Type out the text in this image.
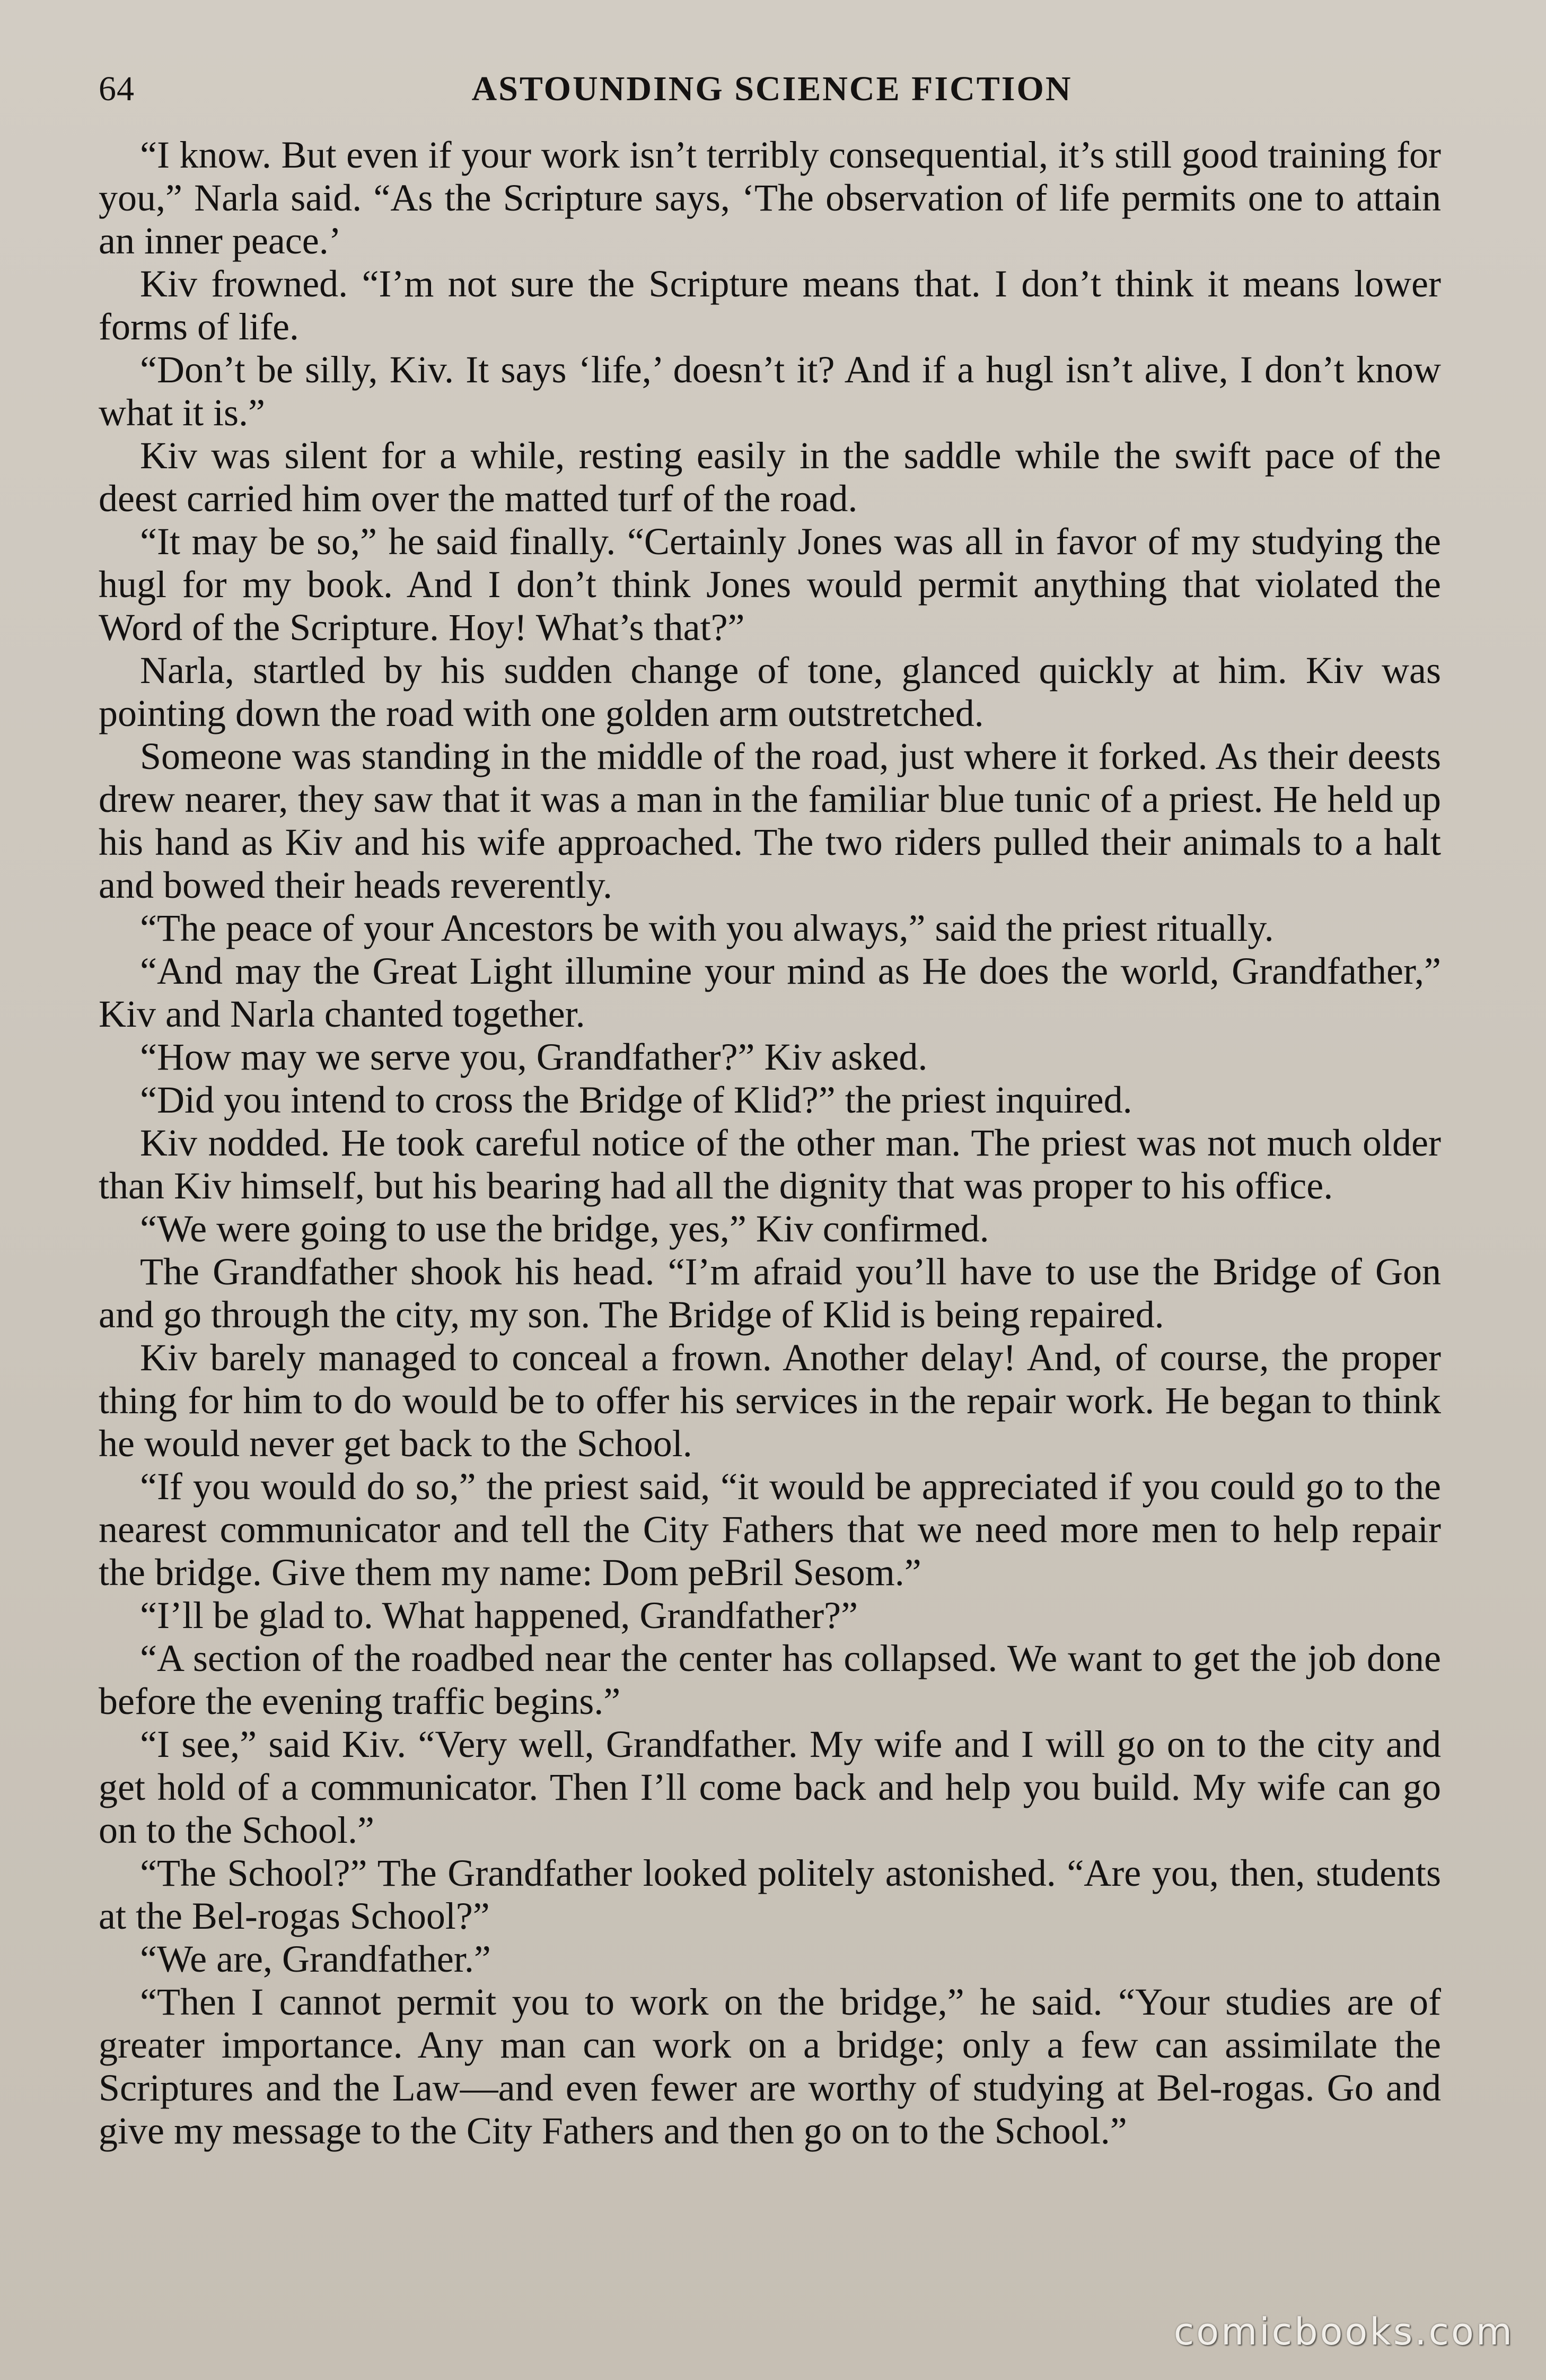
64	ASTOUNDING SCIENCE FICTION

“I know. But even if your work isn’t terribly consequential, it’s still good training for you,” Narla said. “As the Scripture says, ‘The observation of life permits one to attain an inner peace.’

Kiv frowned. “I’m not sure the Scripture means that. I don’t think it means lower forms of life.

“Don’t be silly, Kiv. It says ‘life,’ doesn’t it? And if a hugl isn’t alive, I don’t know what it is.”

Kiv was silent for a while, resting easily in the saddle while the swift pace of the deest carried him over the matted turf of the road.

“It may be so,” he said finally. “Certainly Jones was all in favor of my studying the hugl for my book. And I don’t think Jones would permit anything that violated the Word of the Scripture. Hoy! What’s that?”

Narla, startled by his sudden change of tone, glanced quickly at him. Kiv was pointing down the road with one golden arm outstretched.

Someone was standing in the middle of the road, just where it forked. As their deests drew nearer, they saw that it was a man in the familiar blue tunic of a priest. He held up his hand as Kiv and his wife approached. The two riders pulled their animals to a halt and bowed their heads reverently.

“The peace of your Ancestors be with you always,” said the priest ritually.

“And may the Great Light illumine your mind as He does the world, Grandfather,” Kiv and Narla chanted together.

“How may we serve you, Grandfather?” Kiv asked.

“Did you intend to cross the Bridge of Klid?” the priest inquired.

Kiv nodded. He took careful notice of the other man. The priest was not much older than Kiv himself, but his bearing had all the dignity that was proper to his office.

“We were going to use the bridge, yes,” Kiv confirmed.

The Grandfather shook his head. “I’m afraid you’ll have to use the Bridge of Gon and go through the city, my son. The Bridge of Klid is being repaired.

Kiv barely managed to conceal a frown. Another delay! And, of course, the proper thing for him to do would be to offer his services in the repair work. He began to think he would never get back to the School.

“If you would do so,” the priest said, “it would be appreciated if you could go to the nearest communicator and tell the City Fathers that we need more men to help repair the bridge. Give them my name: Dom peBril Sesom.”

“I’ll be glad to. What happened, Grandfather?”

“A section of the roadbed near the center has collapsed. We want to get the job done before the evening traffic begins.”

“I see,” said Kiv. “Very well, Grandfather. My wife and I will go on to the city and get hold of a communicator. Then I’ll come back and help you build. My wife can go on to the School.”

“The School?” The Grandfather looked politely astonished. “Are you, then, students at the Bel-rogas School?”

“We are, Grandfather.”

“Then I cannot permit you to work on the bridge,” he said. “Your studies are of greater importance. Any man can work on a bridge; only a few can assimilate the Scriptures and the Law—and even fewer are worthy of studying at Bel-rogas. Go and give my message to the City Fathers and then go on to the School.”

comicbooks.com
